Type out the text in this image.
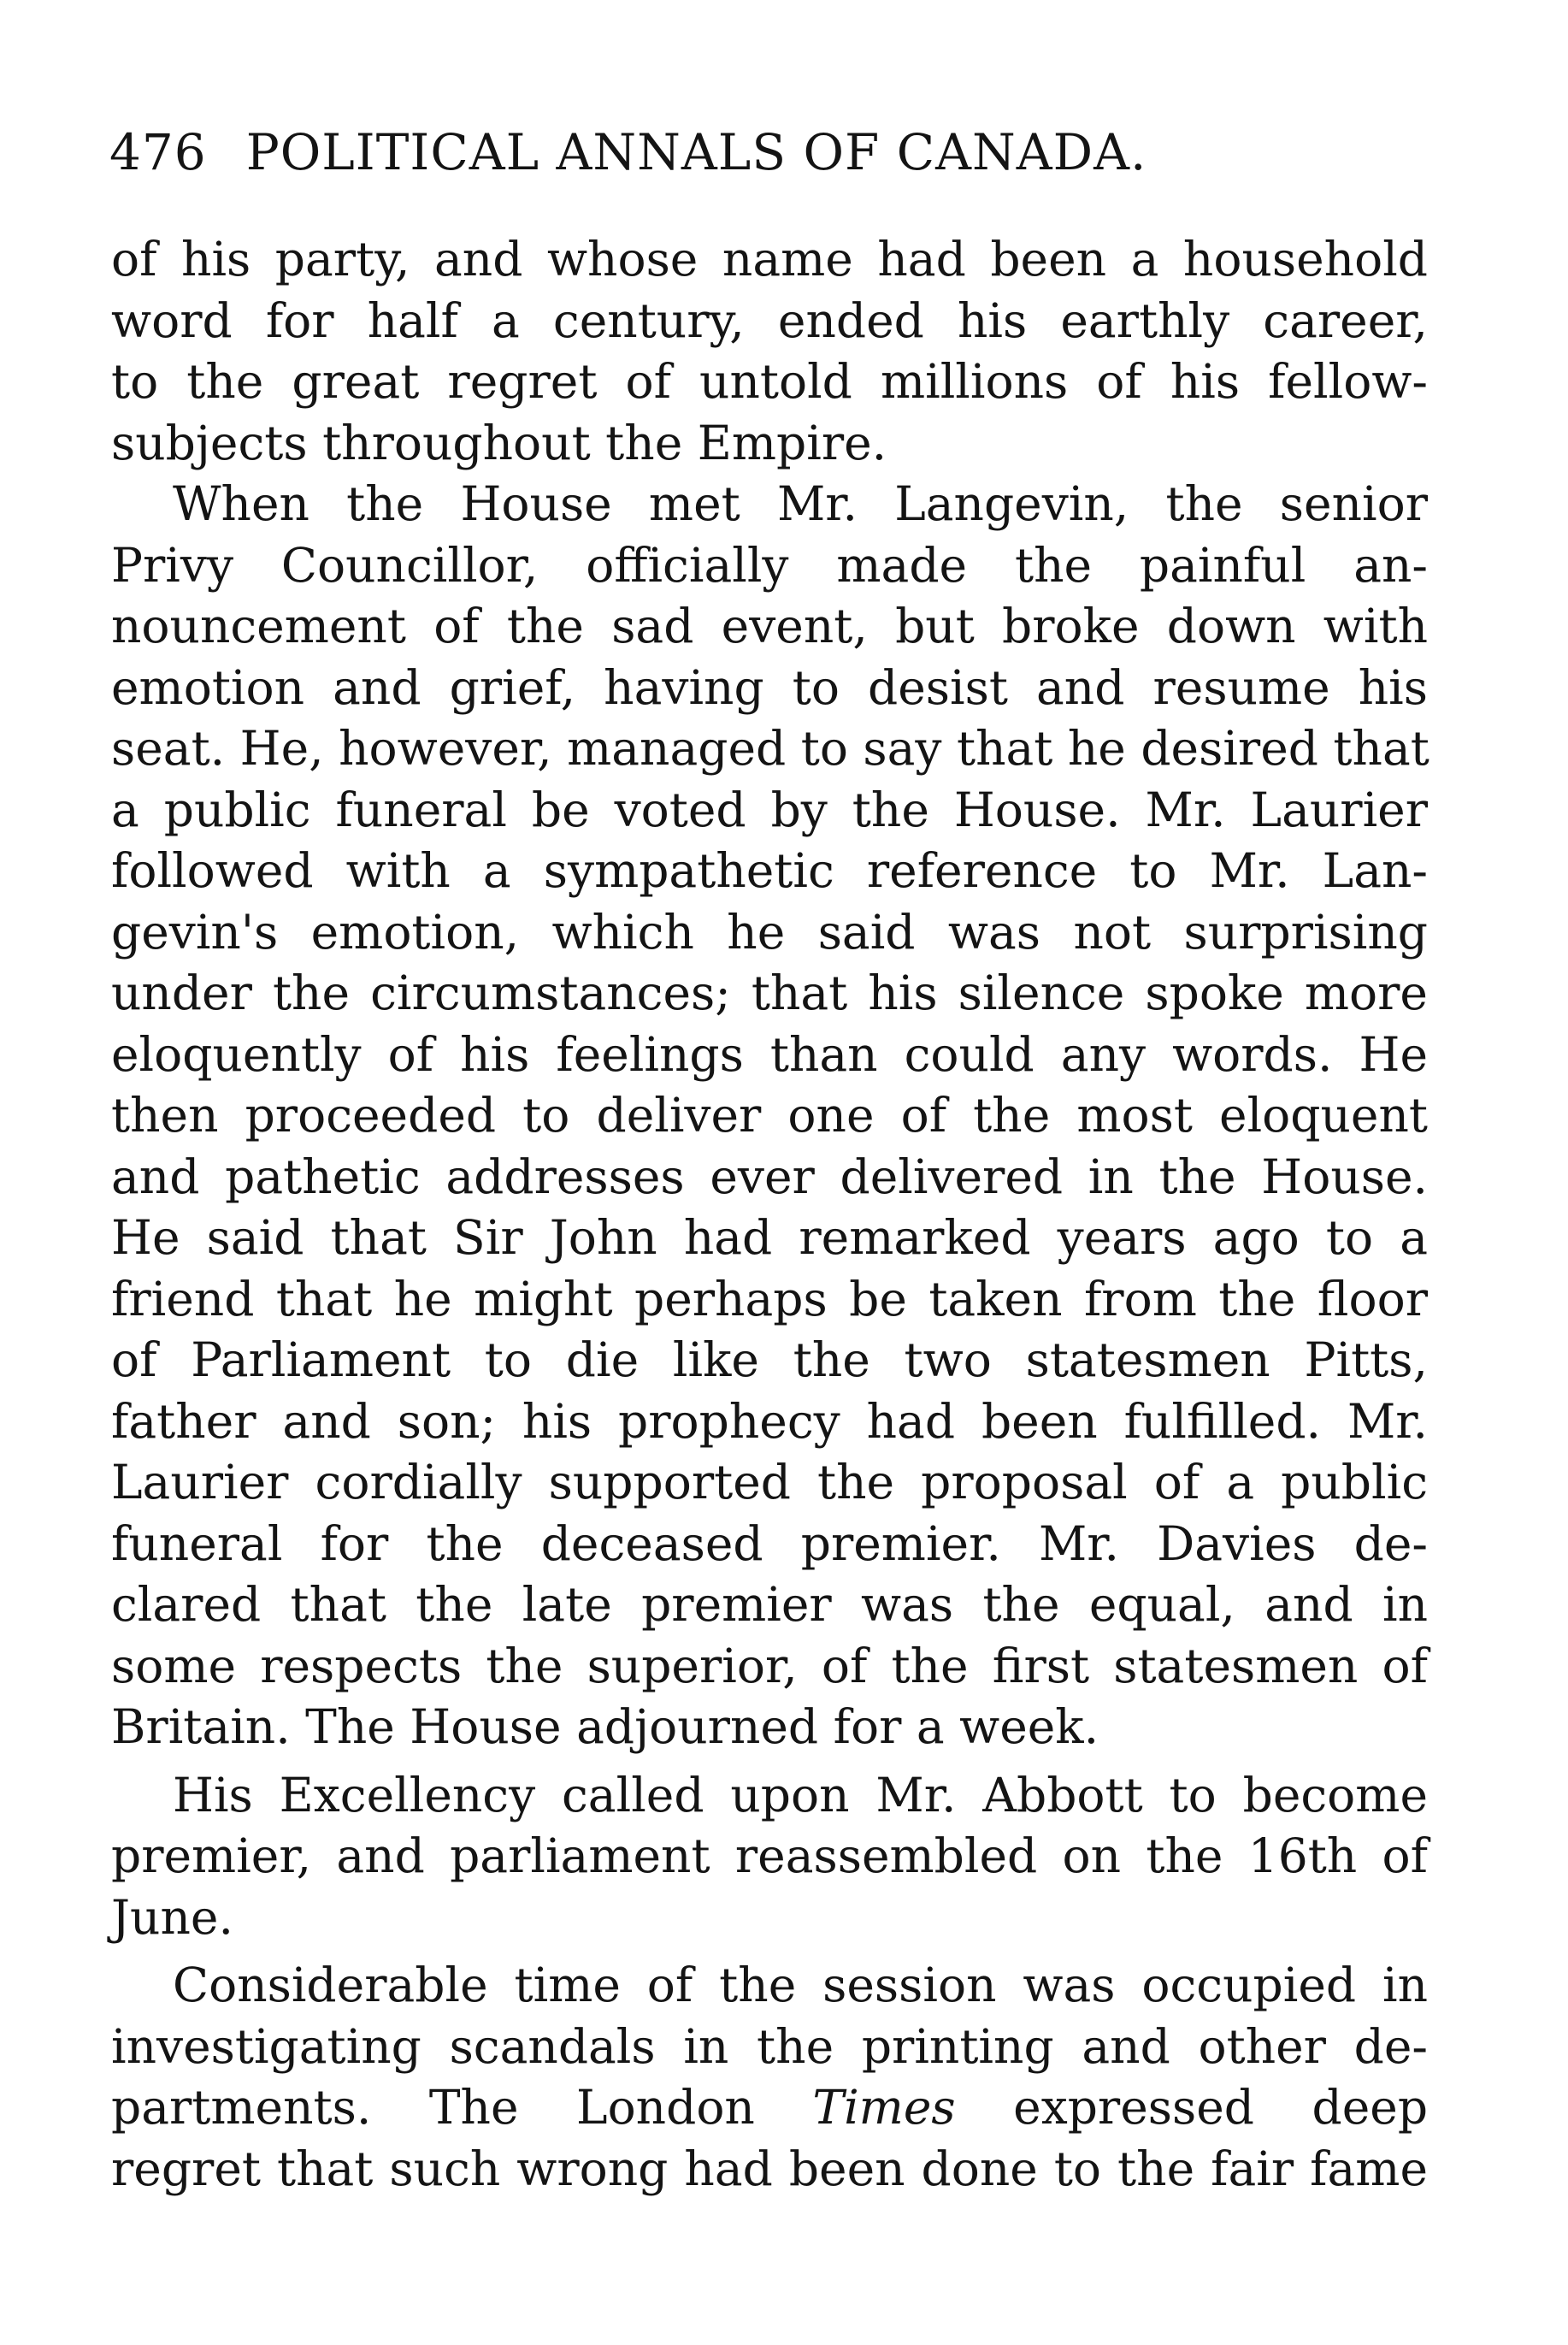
476 POLITICAL ANNALS OF CANADA.
of his party, and whose name had been a household
word for half a century, ended his earthly career,
to the great regret of untold millions of his fellow-
subjects throughout the Empire.
When the House met Mr. Langevin, the senior
Privy Councillor, officially made the painful an-
nouncement of the sad event, but broke down with
emotion and grief, having to desist and resume his
seat. He, however, managed to say that he desired that
a public funeral be voted by the House. Mr. Laurier
followed with a sympathetic reference to Mr. Lan-
gevin's emotion, which he said was not surprising
under the circumstances; that his silence spoke more
eloquently of his feelings than could any words. He
then proceeded to deliver one of the most eloquent
and pathetic addresses ever delivered in the House.
He said that Sir John had remarked years ago to a
friend that he might perhaps be taken from the floor
of Parliament to die like the two statesmen Pitts,
father and son; his prophecy had been fulfilled. Mr.
Laurier cordially supported the proposal of a public
funeral for the deceased premier. Mr. Davies de-
clared that the late premier was the equal, and in
some respects the superior, of the first statesmen of
Britain. The House adjourned for a week.
His Excellency called upon Mr. Abbott to become
premier, and parliament reassembled on the 16th of
June.
Considerable time of the session was occupied in
investigating scandals in the printing and other de-
partments. The London Times expressed deep
regret that such wrong had been done to the fair fame
